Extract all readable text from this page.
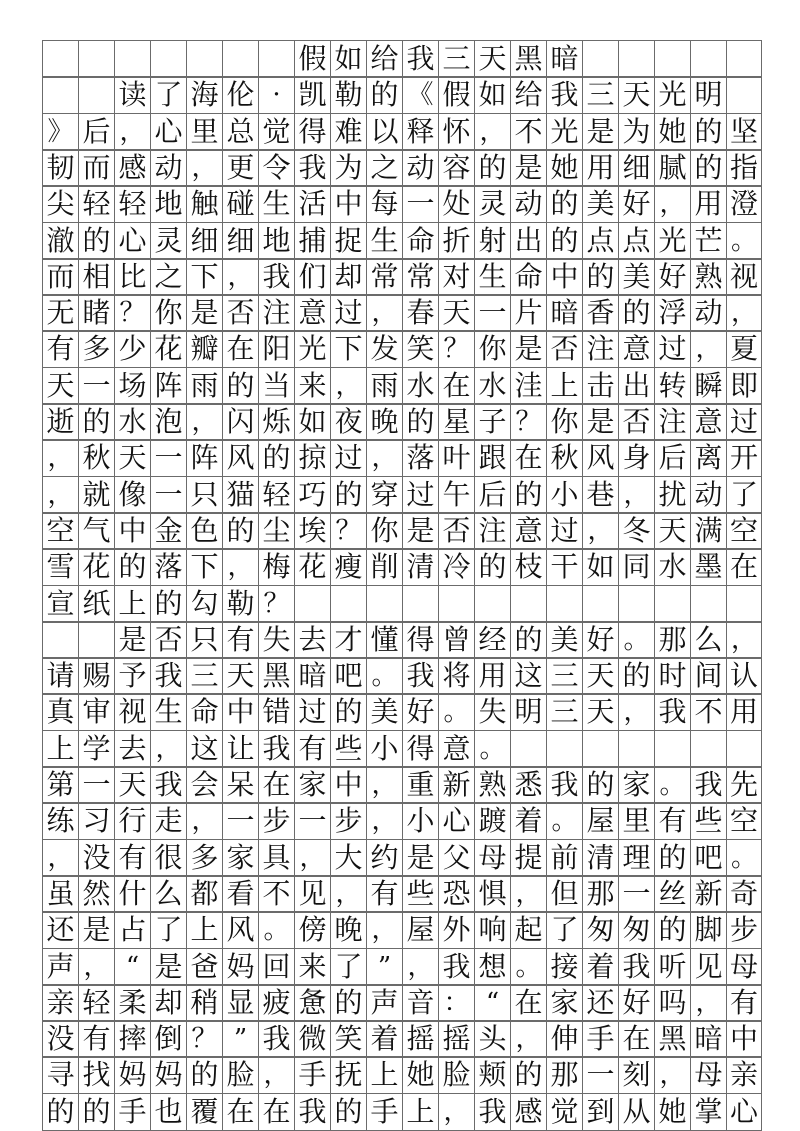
假 如 给 我 三 天 黑 暗
读 了 海 伦 · 凯 勒 的 《 假 如 给 我 三 天 光 明
》 后 ， 心 里 总 觉 得 难 以 释 怀 ， 不 光 是 为 她 的 坚
韧 而 感 动 ， 更 令 我 为 之 动 容 的 是 她 用 细 腻 的 指
尖 轻 轻 地 触 碰 生 活 中 每 一 处 灵 动 的 美 好 ， 用 澄
澈 的 心 灵 细 细 地 捕 捉 生 命 折 射 出 的 点 点 光 芒 。
而 相 比 之 下 ， 我 们 却 常 常 对 生 命 中 的 美 好 熟 视
无 睹 ？ 你 是 否 注 意 过 ， 春 天 一 片 暗 香 的 浮 动 ，
有 多 少 花 瓣 在 阳 光 下 发 笑 ？ 你 是 否 注 意 过 ， 夏
天 一 场 阵 雨 的 当 来 ， 雨 水 在 水 洼 上 击 出 转 瞬 即
逝 的 水 泡 ， 闪 烁 如 夜 晚 的 星 子 ？ 你 是 否 注 意 过
， 秋 天 一 阵 风 的 掠 过 ， 落 叶 跟 在 秋 风 身 后 离 开
， 就 像 一 只 猫 轻 巧 的 穿 过 午 后 的 小 巷 ， 扰 动 了
空 气 中 金 色 的 尘 埃 ？ 你 是 否 注 意 过 ， 冬 天 满 空
雪 花 的 落 下 ， 梅 花 瘦 削 清 冷 的 枝 干 如 同 水 墨 在
宣 纸 上 的 勾 勒 ？
是 否 只 有 失 去 才 懂 得 曾 经 的 美 好 。 那 么 ，
请 赐 予 我 三 天 黑 暗 吧 。 我 将 用 这 三 天 的 时 间 认
真 审 视 生 命 中 错 过 的 美 好 。 失 明 三 天 ， 我 不 用
上 学 去 ， 这 让 我 有 些 小 得 意 。
第 一 天 我 会 呆 在 家 中 ， 重 新 熟 悉 我 的 家 。 我 先
练 习 行 走 ， 一 步 一 步 ， 小 心 踱 着 。 屋 里 有 些 空
， 没 有 很 多 家 具 ， 大 约 是 父 母 提 前 清 理 的 吧 。
虽 然 什 么 都 看 不 见 ， 有 些 恐 惧 ， 但 那 一 丝 新 奇
还 是 占 了 上 风 。 傍 晚 ， 屋 外 响 起 了 匆 匆 的 脚 步
声 ， “ 是 爸 妈 回 来 了 ” ， 我 想 。 接 着 我 听 见 母
亲 轻 柔 却 稍 显 疲 惫 的 声 音 ： “ 在 家 还 好 吗 ， 有
没 有 摔 倒 ？ ” 我 微 笑 着 摇 摇 头 ， 伸 手 在 黑 暗 中
寻 找 妈 妈 的 脸 ， 手 抚 上 她 脸 颊 的 那 一 刻 ， 母 亲
的 的 手 也 覆 在 在 我 的 手 上 ， 我 感 觉 到 从 她 掌 心
